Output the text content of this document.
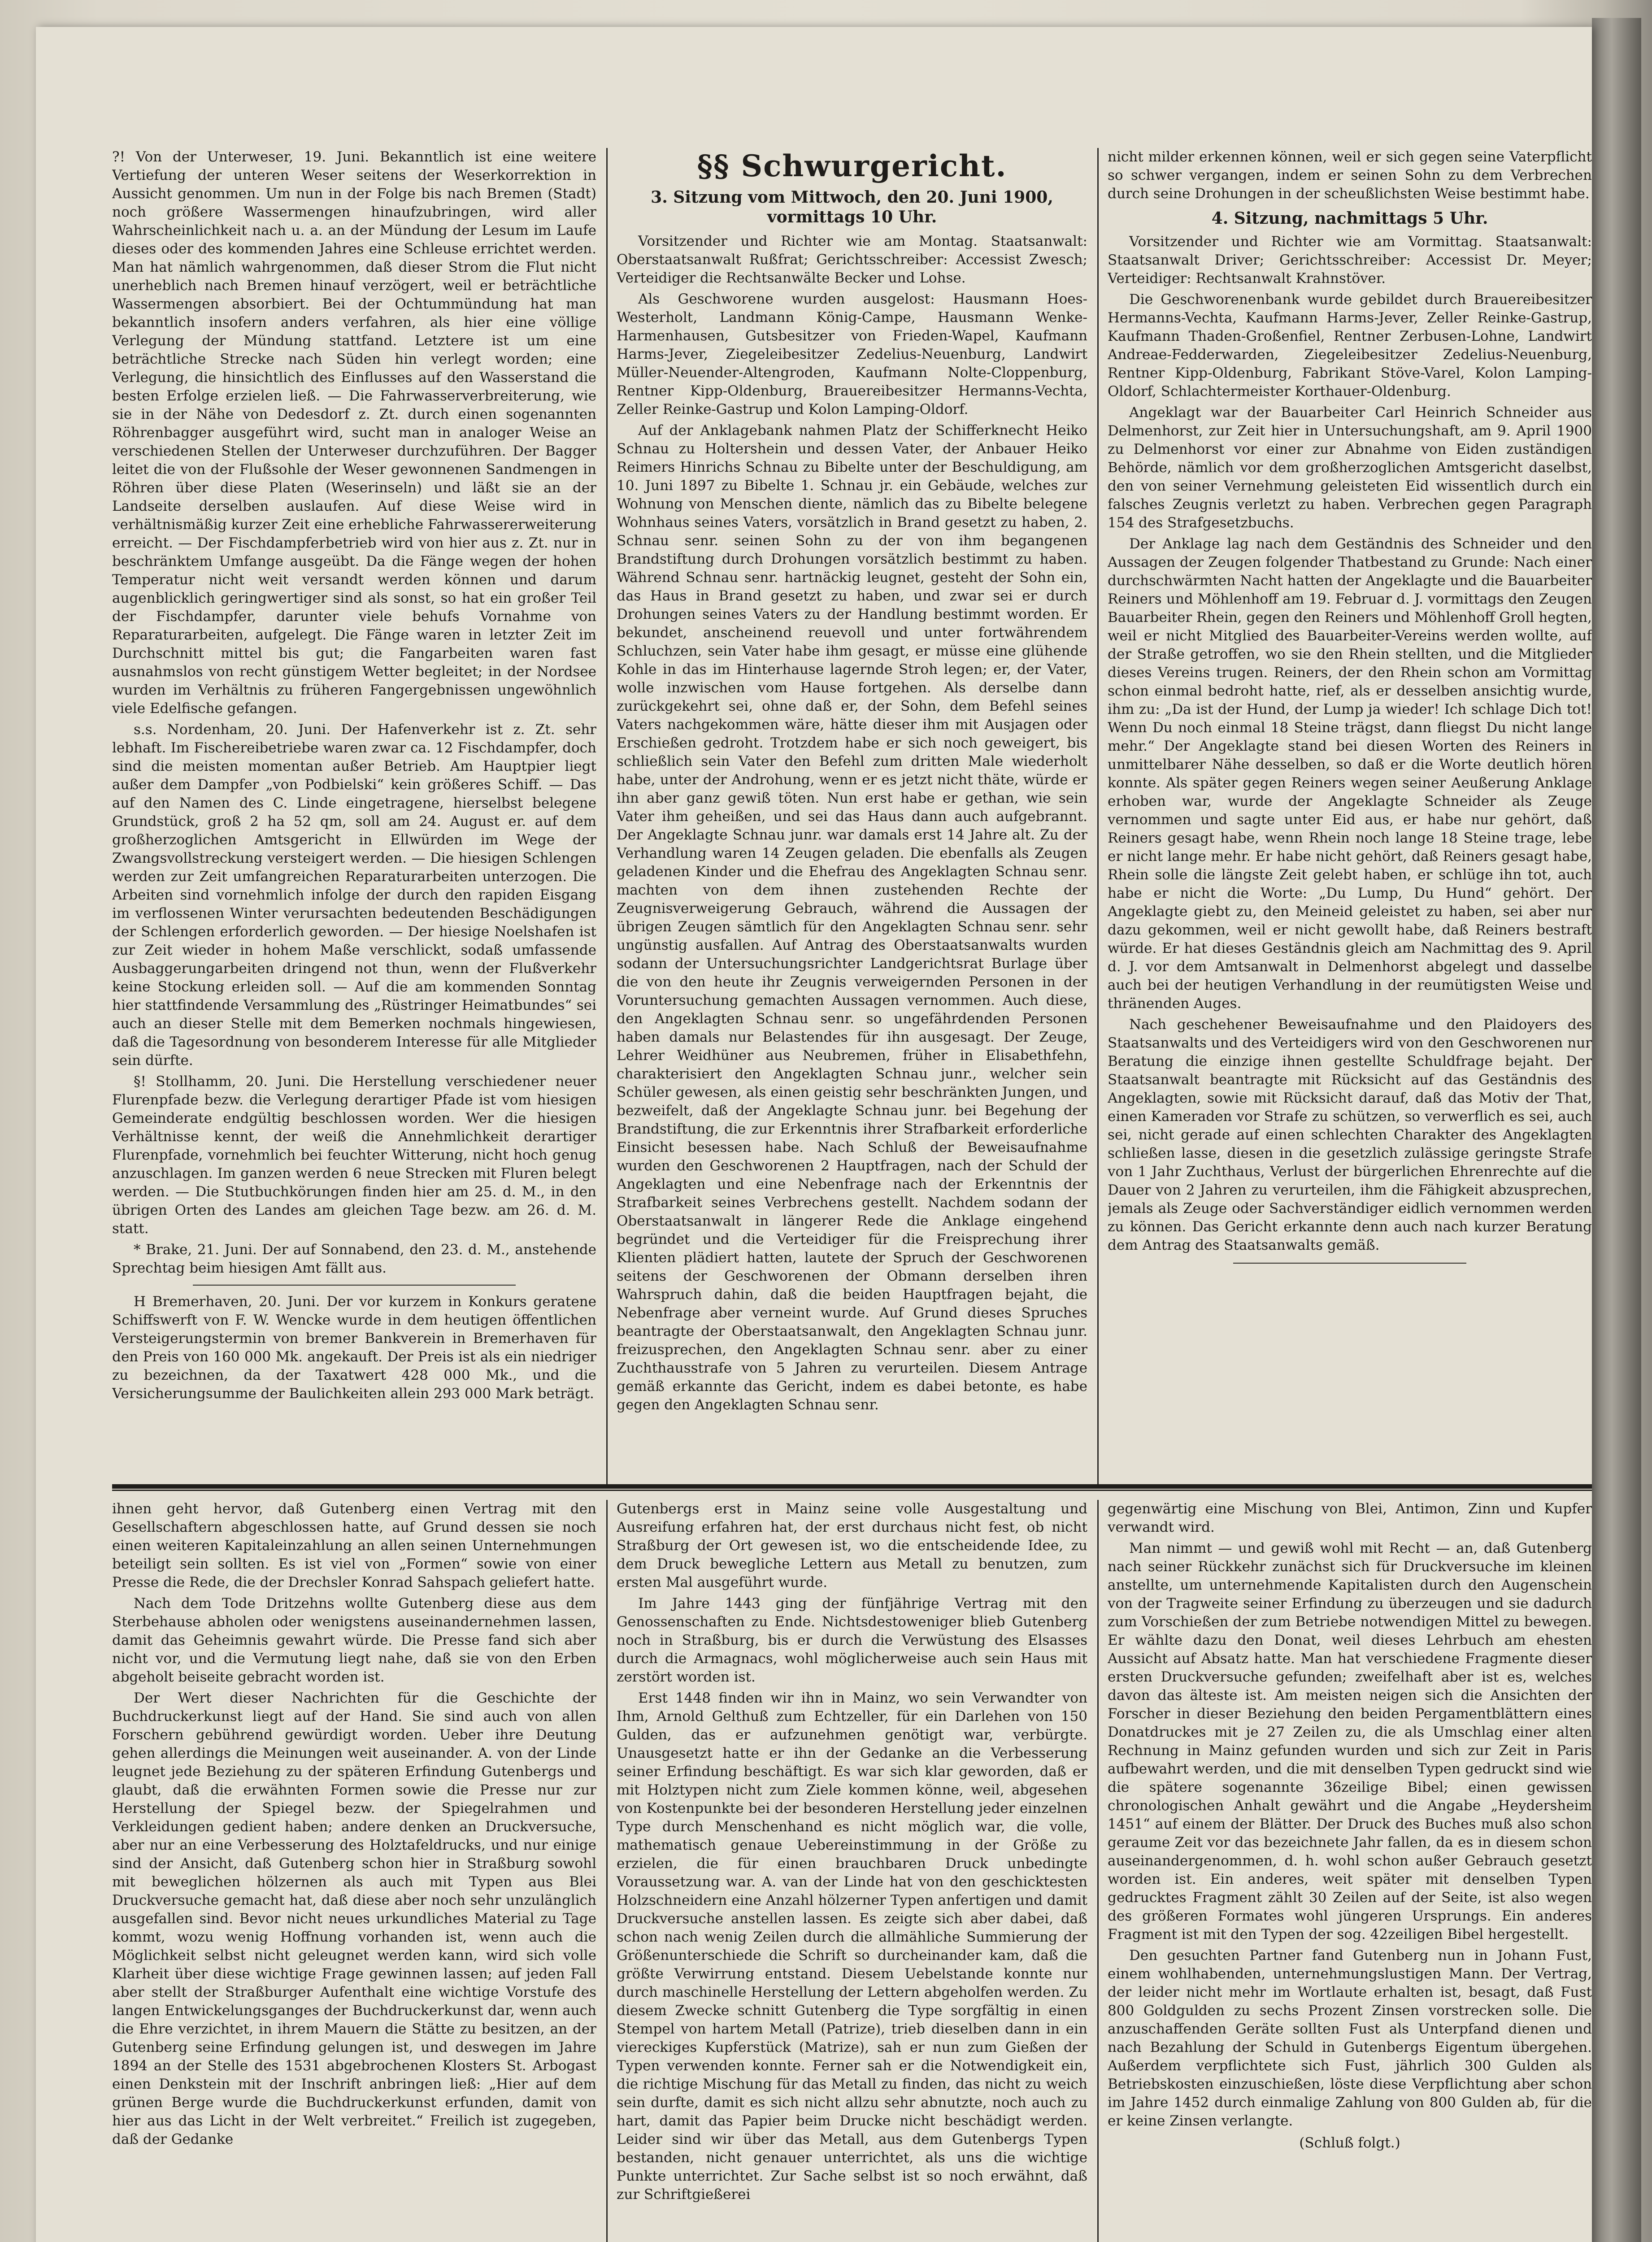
?! Von der Unterweser, 19. Juni. Bekanntlich ist eine weitere Vertiefung der unteren Weser seitens der Weserkorrektion in Aussicht genommen. Um nun in der Folge bis nach Bremen (Stadt) noch größere Wassermengen hinaufzubringen, wird aller Wahrscheinlichkeit nach u. a. an der Mündung der Lesum im Laufe dieses oder des kommenden Jahres eine Schleuse errichtet werden. Man hat nämlich wahrgenommen, daß dieser Strom die Flut nicht unerheblich nach Bremen hinauf verzögert, weil er beträchtliche Wassermengen absorbiert. Bei der Ochtummündung hat man bekanntlich insofern anders verfahren, als hier eine völlige Verlegung der Mündung stattfand. Letztere ist um eine beträchtliche Strecke nach Süden hin verlegt worden; eine Verlegung, die hinsichtlich des Einflusses auf den Wasserstand die besten Erfolge erzielen ließ. — Die Fahrwasserverbreiterung, wie sie in der Nähe von Dedesdorf z. Zt. durch einen sogenannten Röhrenbagger ausgeführt wird, sucht man in analoger Weise an verschiedenen Stellen der Unterweser durchzuführen. Der Bagger leitet die von der Flußsohle der Weser gewonnenen Sandmengen in Röhren über diese Platen (Weserinseln) und läßt sie an der Landseite derselben auslaufen. Auf diese Weise wird in verhältnismäßig kurzer Zeit eine erhebliche Fahrwassererweiterung erreicht. — Der Fischdampferbetrieb wird von hier aus z. Zt. nur in beschränktem Umfange ausgeübt. Da die Fänge wegen der hohen Temperatur nicht weit versandt werden können und darum augenblicklich geringwertiger sind als sonst, so hat ein großer Teil der Fischdampfer, darunter viele behufs Vornahme von Reparaturarbeiten, aufgelegt. Die Fänge waren in letzter Zeit im Durchschnitt mittel bis gut; die Fangarbeiten waren fast ausnahmslos von recht günstigem Wetter begleitet; in der Nordsee wurden im Verhältnis zu früheren Fangergebnissen ungewöhnlich viele Edelfische gefangen.

s.s. Nordenham, 20. Juni. Der Hafenverkehr ist z. Zt. sehr lebhaft. Im Fischereibetriebe waren zwar ca. 12 Fischdampfer, doch sind die meisten momentan außer Betrieb. Am Hauptpier liegt außer dem Dampfer „von Podbielski“ kein größeres Schiff. — Das auf den Namen des C. Linde eingetragene, hierselbst belegene Grundstück, groß 2 ha 52 qm, soll am 24. August er. auf dem großherzoglichen Amtsgericht in Ellwürden im Wege der Zwangsvollstreckung versteigert werden. — Die hiesigen Schlengen werden zur Zeit umfangreichen Reparaturarbeiten unterzogen. Die Arbeiten sind vornehmlich infolge der durch den rapiden Eisgang im verflossenen Winter verursachten bedeutenden Beschädigungen der Schlengen erforderlich geworden. — Der hiesige Noelshafen ist zur Zeit wieder in hohem Maße verschlickt, sodaß umfassende Ausbaggerungarbeiten dringend not thun, wenn der Flußverkehr keine Stockung erleiden soll. — Auf die am kommenden Sonntag hier stattfindende Versammlung des „Rüstringer Heimatbundes“ sei auch an dieser Stelle mit dem Bemerken nochmals hingewiesen, daß die Tagesordnung von besonderem Interesse für alle Mitglieder sein dürfte.

§! Stollhamm, 20. Juni. Die Herstellung verschiedener neuer Flurenpfade bezw. die Verlegung derartiger Pfade ist vom hiesigen Gemeinderate endgültig beschlossen worden. Wer die hiesigen Verhältnisse kennt, der weiß die Annehmlichkeit derartiger Flurenpfade, vornehmlich bei feuchter Witterung, nicht hoch genug anzuschlagen. Im ganzen werden 6 neue Strecken mit Fluren belegt werden. — Die Stutbuchkörungen finden hier am 25. d. M., in den übrigen Orten des Landes am gleichen Tage bezw. am 26. d. M. statt.

* Brake, 21. Juni. Der auf Sonnabend, den 23. d. M., anstehende Sprechtag beim hiesigen Amt fällt aus.

H Bremerhaven, 20. Juni. Der vor kurzem in Konkurs geratene Schiffswerft von F. W. Wencke wurde in dem heutigen öffentlichen Versteigerungstermin von bremer Bankverein in Bremerhaven für den Preis von 160 000 Mk. angekauft. Der Preis ist als ein niedriger zu bezeichnen, da der Taxatwert 428 000 Mk., und die Versicherungsumme der Baulichkeiten allein 293 000 Mark beträgt.

§§ Schwurgericht.
3. Sitzung vom Mittwoch, den 20. Juni 1900,
vormittags 10 Uhr.

Vorsitzender und Richter wie am Montag. Staatsanwalt: Oberstaatsanwalt Rußfrat; Gerichtsschreiber: Accessist Zwesch; Verteidiger die Rechtsanwälte Becker und Lohse.

Als Geschworene wurden ausgelost: Hausmann Hoes-Westerholt, Landmann König-Campe, Hausmann Wenke-Harmenhausen, Gutsbesitzer von Frieden-Wapel, Kaufmann Harms-Jever, Ziegeleibesitzer Zedelius-Neuenburg, Landwirt Müller-Neuender-Altengroden, Kaufmann Nolte-Cloppenburg, Rentner Kipp-Oldenburg, Brauereibesitzer Hermanns-Vechta, Zeller Reinke-Gastrup und Kolon Lamping-Oldorf.

Auf der Anklagebank nahmen Platz der Schifferknecht Heiko Schnau zu Holtershein und dessen Vater, der Anbauer Heiko Reimers Hinrichs Schnau zu Bibelte unter der Beschuldigung, am 10. Juni 1897 zu Bibelte 1. Schnau jr. ein Gebäude, welches zur Wohnung von Menschen diente, nämlich das zu Bibelte belegene Wohnhaus seines Vaters, vorsätzlich in Brand gesetzt zu haben, 2. Schnau senr. seinen Sohn zu der von ihm begangenen Brandstiftung durch Drohungen vorsätzlich bestimmt zu haben. Während Schnau senr. hartnäckig leugnet, gesteht der Sohn ein, das Haus in Brand gesetzt zu haben, und zwar sei er durch Drohungen seines Vaters zu der Handlung bestimmt worden. Er bekundet, anscheinend reuevoll und unter fortwährendem Schluchzen, sein Vater habe ihm gesagt, er müsse eine glühende Kohle in das im Hinterhause lagernde Stroh legen; er, der Vater, wolle inzwischen vom Hause fortgehen. Als derselbe dann zurückgekehrt sei, ohne daß er, der Sohn, dem Befehl seines Vaters nachgekommen wäre, hätte dieser ihm mit Ausjagen oder Erschießen gedroht. Trotzdem habe er sich noch geweigert, bis schließlich sein Vater den Befehl zum dritten Male wiederholt habe, unter der Androhung, wenn er es jetzt nicht thäte, würde er ihn aber ganz gewiß töten. Nun erst habe er gethan, wie sein Vater ihm geheißen, und sei das Haus dann auch aufgebrannt. Der Angeklagte Schnau junr. war damals erst 14 Jahre alt. Zu der Verhandlung waren 14 Zeugen geladen. Die ebenfalls als Zeugen geladenen Kinder und die Ehefrau des Angeklagten Schnau senr. machten von dem ihnen zustehenden Rechte der Zeugnisverweigerung Gebrauch, während die Aussagen der übrigen Zeugen sämtlich für den Angeklagten Schnau senr. sehr ungünstig ausfallen. Auf Antrag des Oberstaatsanwalts wurden sodann der Untersuchungsrichter Landgerichtsrat Burlage über die von den heute ihr Zeugnis verweigernden Personen in der Voruntersuchung gemachten Aussagen vernommen. Auch diese, den Angeklagten Schnau senr. so ungefährdenden Personen haben damals nur Belastendes für ihn ausgesagt. Der Zeuge, Lehrer Weidhüner aus Neubremen, früher in Elisabethfehn, charakterisiert den Angeklagten Schnau junr., welcher sein Schüler gewesen, als einen geistig sehr beschränkten Jungen, und bezweifelt, daß der Angeklagte Schnau junr. bei Begehung der Brandstiftung, die zur Erkenntnis ihrer Strafbarkeit erforderliche Einsicht besessen habe. Nach Schluß der Beweisaufnahme wurden den Geschworenen 2 Hauptfragen, nach der Schuld der Angeklagten und eine Nebenfrage nach der Erkenntnis der Strafbarkeit seines Verbrechens gestellt. Nachdem sodann der Oberstaatsanwalt in längerer Rede die Anklage eingehend begründet und die Verteidiger für die Freisprechung ihrer Klienten plädiert hatten, lautete der Spruch der Geschworenen seitens der Geschworenen der Obmann derselben ihren Wahrspruch dahin, daß die beiden Hauptfragen bejaht, die Nebenfrage aber verneint wurde. Auf Grund dieses Spruches beantragte der Oberstaatsanwalt, den Angeklagten Schnau junr. freizusprechen, den Angeklagten Schnau senr. aber zu einer Zuchthausstrafe von 5 Jahren zu verurteilen. Diesem Antrage gemäß erkannte das Gericht, indem es dabei betonte, es habe gegen den Angeklagten Schnau senr.

nicht milder erkennen können, weil er sich gegen seine Vaterpflicht so schwer vergangen, indem er seinen Sohn zu dem Verbrechen durch seine Drohungen in der scheußlichsten Weise bestimmt habe.

4. Sitzung, nachmittags 5 Uhr.

Vorsitzender und Richter wie am Vormittag. Staatsanwalt: Staatsanwalt Driver; Gerichtsschreiber: Accessist Dr. Meyer; Verteidiger: Rechtsanwalt Krahnstöver.

Die Geschworenenbank wurde gebildet durch Brauereibesitzer Hermanns-Vechta, Kaufmann Harms-Jever, Zeller Reinke-Gastrup, Kaufmann Thaden-Großenfiel, Rentner Zerbusen-Lohne, Landwirt Andreae-Fedderwarden, Ziegeleibesitzer Zedelius-Neuenburg, Rentner Kipp-Oldenburg, Fabrikant Stöve-Varel, Kolon Lamping-Oldorf, Schlachtermeister Korthauer-Oldenburg.

Angeklagt war der Bauarbeiter Carl Heinrich Schneider aus Delmenhorst, zur Zeit hier in Untersuchungshaft, am 9. April 1900 zu Delmenhorst vor einer zur Abnahme von Eiden zuständigen Behörde, nämlich vor dem großherzoglichen Amtsgericht daselbst, den von seiner Vernehmung geleisteten Eid wissentlich durch ein falsches Zeugnis verletzt zu haben. Verbrechen gegen Paragraph 154 des Strafgesetzbuchs.

Der Anklage lag nach dem Geständnis des Schneider und den Aussagen der Zeugen folgender Thatbestand zu Grunde: Nach einer durchschwärmten Nacht hatten der Angeklagte und die Bauarbeiter Reiners und Möhlenhoff am 19. Februar d. J. vormittags den Zeugen Bauarbeiter Rhein, gegen den Reiners und Möhlenhoff Groll hegten, weil er nicht Mitglied des Bauarbeiter-Vereins werden wollte, auf der Straße getroffen, wo sie den Rhein stellten, und die Mitglieder dieses Vereins trugen. Reiners, der den Rhein schon am Vormittag schon einmal bedroht hatte, rief, als er desselben ansichtig wurde, ihm zu: „Da ist der Hund, der Lump ja wieder! Ich schlage Dich tot! Wenn Du noch einmal 18 Steine trägst, dann fliegst Du nicht lange mehr.“ Der Angeklagte stand bei diesen Worten des Reiners in unmittelbarer Nähe desselben, so daß er die Worte deutlich hören konnte. Als später gegen Reiners wegen seiner Aeußerung Anklage erhoben war, wurde der Angeklagte Schneider als Zeuge vernommen und sagte unter Eid aus, er habe nur gehört, daß Reiners gesagt habe, wenn Rhein noch lange 18 Steine trage, lebe er nicht lange mehr. Er habe nicht gehört, daß Reiners gesagt habe, Rhein solle die längste Zeit gelebt haben, er schlüge ihn tot, auch habe er nicht die Worte: „Du Lump, Du Hund“ gehört. Der Angeklagte giebt zu, den Meineid geleistet zu haben, sei aber nur dazu gekommen, weil er nicht gewollt habe, daß Reiners bestraft würde. Er hat dieses Geständnis gleich am Nachmittag des 9. April d. J. vor dem Amtsanwalt in Delmenhorst abgelegt und dasselbe auch bei der heutigen Verhandlung in der reumütigsten Weise und thränenden Auges.

Nach geschehener Beweisaufnahme und den Plaidoyers des Staatsanwalts und des Verteidigers wird von den Geschworenen nur Beratung die einzige ihnen gestellte Schuldfrage bejaht. Der Staatsanwalt beantragte mit Rücksicht auf das Geständnis des Angeklagten, sowie mit Rücksicht darauf, daß das Motiv der That, einen Kameraden vor Strafe zu schützen, so verwerflich es sei, auch sei, nicht gerade auf einen schlechten Charakter des Angeklagten schließen lasse, diesen in die gesetzlich zulässige geringste Strafe von 1 Jahr Zuchthaus, Verlust der bürgerlichen Ehrenrechte auf die Dauer von 2 Jahren zu verurteilen, ihm die Fähigkeit abzusprechen, jemals als Zeuge oder Sachverständiger eidlich vernommen werden zu können. Das Gericht erkannte denn auch nach kurzer Beratung dem Antrag des Staatsanwalts gemäß.

ihnen geht hervor, daß Gutenberg einen Vertrag mit den Gesellschaftern abgeschlossen hatte, auf Grund dessen sie noch einen weiteren Kapitaleinzahlung an allen seinen Unternehmungen beteiligt sein sollten. Es ist viel von „Formen“ sowie von einer Presse die Rede, die der Drechsler Konrad Sahspach geliefert hatte.

Nach dem Tode Dritzehns wollte Gutenberg diese aus dem Sterbehause abholen oder wenigstens auseinandernehmen lassen, damit das Geheimnis gewahrt würde. Die Presse fand sich aber nicht vor, und die Vermutung liegt nahe, daß sie von den Erben abgeholt beiseite gebracht worden ist.

Der Wert dieser Nachrichten für die Geschichte der Buchdruckerkunst liegt auf der Hand. Sie sind auch von allen Forschern gebührend gewürdigt worden. Ueber ihre Deutung gehen allerdings die Meinungen weit auseinander. A. von der Linde leugnet jede Beziehung zu der späteren Erfindung Gutenbergs und glaubt, daß die erwähnten Formen sowie die Presse nur zur Herstellung der Spiegel bezw. der Spiegelrahmen und Verkleidungen gedient haben; andere denken an Druckversuche, aber nur an eine Verbesserung des Holztafeldrucks, und nur einige sind der Ansicht, daß Gutenberg schon hier in Straßburg sowohl mit beweglichen hölzernen als auch mit Typen aus Blei Druckversuche gemacht hat, daß diese aber noch sehr unzulänglich ausgefallen sind. Bevor nicht neues urkundliches Material zu Tage kommt, wozu wenig Hoffnung vorhanden ist, wenn auch die Möglichkeit selbst nicht geleugnet werden kann, wird sich volle Klarheit über diese wichtige Frage gewinnen lassen; auf jeden Fall aber stellt der Straßburger Aufenthalt eine wichtige Vorstufe des langen Entwickelungsganges der Buchdruckerkunst dar, wenn auch die Ehre verzichtet, in ihrem Mauern die Stätte zu besitzen, an der Gutenberg seine Erfindung gelungen ist, und deswegen im Jahre 1894 an der Stelle des 1531 abgebrochenen Klosters St. Arbogast einen Denkstein mit der Inschrift anbringen ließ: „Hier auf dem grünen Berge wurde die Buchdruckerkunst erfunden, damit von hier aus das Licht in der Welt verbreitet.“ Freilich ist zugegeben, daß der Gedanke

Gutenbergs erst in Mainz seine volle Ausgestaltung und Ausreifung erfahren hat, der erst durchaus nicht fest, ob nicht Straßburg der Ort gewesen ist, wo die entscheidende Idee, zu dem Druck bewegliche Lettern aus Metall zu benutzen, zum ersten Mal ausgeführt wurde.

Im Jahre 1443 ging der fünfjährige Vertrag mit den Genossenschaften zu Ende. Nichtsdestoweniger blieb Gutenberg noch in Straßburg, bis er durch die Verwüstung des Elsasses durch die Armagnacs, wohl möglicherweise auch sein Haus mit zerstört worden ist.

Erst 1448 finden wir ihn in Mainz, wo sein Verwandter von Ihm, Arnold Gelthuß zum Echtzeller, für ein Darlehen von 150 Gulden, das er aufzunehmen genötigt war, verbürgte. Unausgesetzt hatte er ihn der Gedanke an die Verbesserung seiner Erfindung beschäftigt. Es war sich klar geworden, daß er mit Holztypen nicht zum Ziele kommen könne, weil, abgesehen von Kostenpunkte bei der besonderen Herstellung jeder einzelnen Type durch Menschenhand es nicht möglich war, die volle, mathematisch genaue Uebereinstimmung in der Größe zu erzielen, die für einen brauchbaren Druck unbedingte Voraussetzung war. A. van der Linde hat von den geschicktesten Holzschneidern eine Anzahl hölzerner Typen anfertigen und damit Druckversuche anstellen lassen. Es zeigte sich aber dabei, daß schon nach wenig Zeilen durch die allmähliche Summierung der Größenunterschiede die Schrift so durcheinander kam, daß die größte Verwirrung entstand. Diesem Uebelstande konnte nur durch maschinelle Herstellung der Lettern abgeholfen werden. Zu diesem Zwecke schnitt Gutenberg die Type sorgfältig in einen Stempel von hartem Metall (Patrize), trieb dieselben dann in ein viereckiges Kupferstück (Matrize), sah er nun zum Gießen der Typen verwenden konnte. Ferner sah er die Notwendigkeit ein, die richtige Mischung für das Metall zu finden, das nicht zu weich sein durfte, damit es sich nicht allzu sehr abnutzte, noch auch zu hart, damit das Papier beim Drucke nicht beschädigt werden. Leider sind wir über das Metall, aus dem Gutenbergs Typen bestanden, nicht genauer unterrichtet, als uns die wichtige Punkte unterrichtet. Zur Sache selbst ist so noch erwähnt, daß zur Schriftgießerei

gegenwärtig eine Mischung von Blei, Antimon, Zinn und Kupfer verwandt wird.

Man nimmt — und gewiß wohl mit Recht — an, daß Gutenberg nach seiner Rückkehr zunächst sich für Druckversuche im kleinen anstellte, um unternehmende Kapitalisten durch den Augenschein von der Tragweite seiner Erfindung zu überzeugen und sie dadurch zum Vorschießen der zum Betriebe notwendigen Mittel zu bewegen. Er wählte dazu den Donat, weil dieses Lehrbuch am ehesten Aussicht auf Absatz hatte. Man hat verschiedene Fragmente dieser ersten Druckversuche gefunden; zweifelhaft aber ist es, welches davon das älteste ist. Am meisten neigen sich die Ansichten der Forscher in dieser Beziehung den beiden Pergamentblättern eines Donatdruckes mit je 27 Zeilen zu, die als Umschlag einer alten Rechnung in Mainz gefunden wurden und sich zur Zeit in Paris aufbewahrt werden, und die mit denselben Typen gedruckt sind wie die spätere sogenannte 36zeilige Bibel; einen gewissen chronologischen Anhalt gewährt und die Angabe „Heydersheim 1451“ auf einem der Blätter. Der Druck des Buches muß also schon geraume Zeit vor das bezeichnete Jahr fallen, da es in diesem schon auseinandergenommen, d. h. wohl schon außer Gebrauch gesetzt worden ist. Ein anderes, weit später mit denselben Typen gedrucktes Fragment zählt 30 Zeilen auf der Seite, ist also wegen des größeren Formates wohl jüngeren Ursprungs. Ein anderes Fragment ist mit den Typen der sog. 42zeiligen Bibel hergestellt.

Den gesuchten Partner fand Gutenberg nun in Johann Fust, einem wohlhabenden, unternehmungslustigen Mann. Der Vertrag, der leider nicht mehr im Wortlaute erhalten ist, besagt, daß Fust 800 Goldgulden zu sechs Prozent Zinsen vorstrecken solle. Die anzuschaffenden Geräte sollten Fust als Unterpfand dienen und nach Bezahlung der Schuld in Gutenbergs Eigentum übergehen. Außerdem verpflichtete sich Fust, jährlich 300 Gulden als Betriebskosten einzuschießen, löste diese Verpflichtung aber schon im Jahre 1452 durch einmalige Zahlung von 800 Gulden ab, für die er keine Zinsen verlangte.

(Schluß folgt.)
